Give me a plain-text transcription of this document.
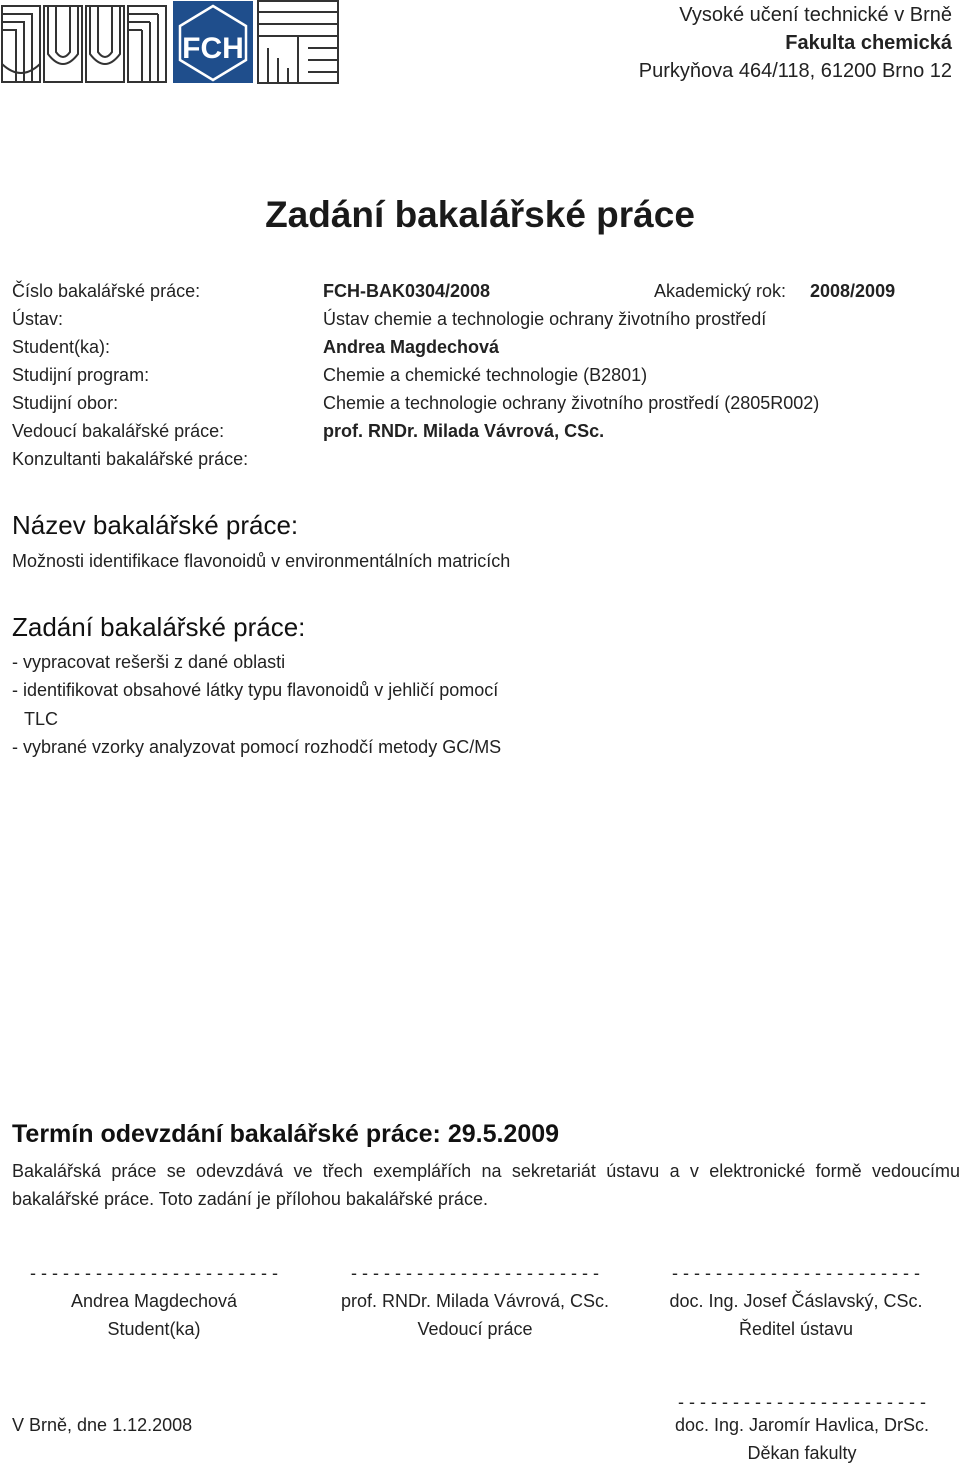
FCH
Vysoké učení technické v Brně
Fakulta chemická
Purkyňova 464/118, 61200 Brno 12
Zadání bakalářské práce
Číslo bakalářské práce:	FCH-BAK0304/2008	Akademický rok: 2008/2009
Ústav:	Ústav chemie a technologie ochrany životního prostředí
Student(ka):	Andrea Magdechová
Studijní program:	Chemie a chemické technologie (B2801)
Studijní obor:	Chemie a technologie ochrany životního prostředí (2805R002)
Vedoucí bakalářské práce:	prof. RNDr. Milada Vávrová, CSc.
Konzultanti bakalářské práce:
Název bakalářské práce:
Možnosti identifikace flavonoidů v environmentálních matricích
Zadání bakalářské práce:
- vypracovat rešerši z dané oblasti
- identifikovat obsahové látky typu flavonoidů v jehličí pomocí
TLC
- vybrané vzorky analyzovat pomocí rozhodčí metody GC/MS
Termín odevzdání bakalářské práce: 29.5.2009
Bakalářská práce se odevzdává ve třech exemplářích na sekretariát ústavu a v elektronické formě vedoucímu bakalářské práce. Toto zadání je přílohou bakalářské práce.
- - - - - - - - - - - - - - - - - - - - - - -	- - - - - - - - - - - - - - - - - - - - - - -	- - - - - - - - - - - - - - - - - - - - - - -
Andrea Magdechová	prof. RNDr. Milada Vávrová, CSc.	doc. Ing. Josef Čáslavský, CSc.
Student(ka)	Vedoucí práce	Ředitel ústavu
- - - - - - - - - - - - - - - - - - - - - - -
V Brně, dne 1.12.2008	doc. Ing. Jaromír Havlica, DrSc.
Děkan fakulty
